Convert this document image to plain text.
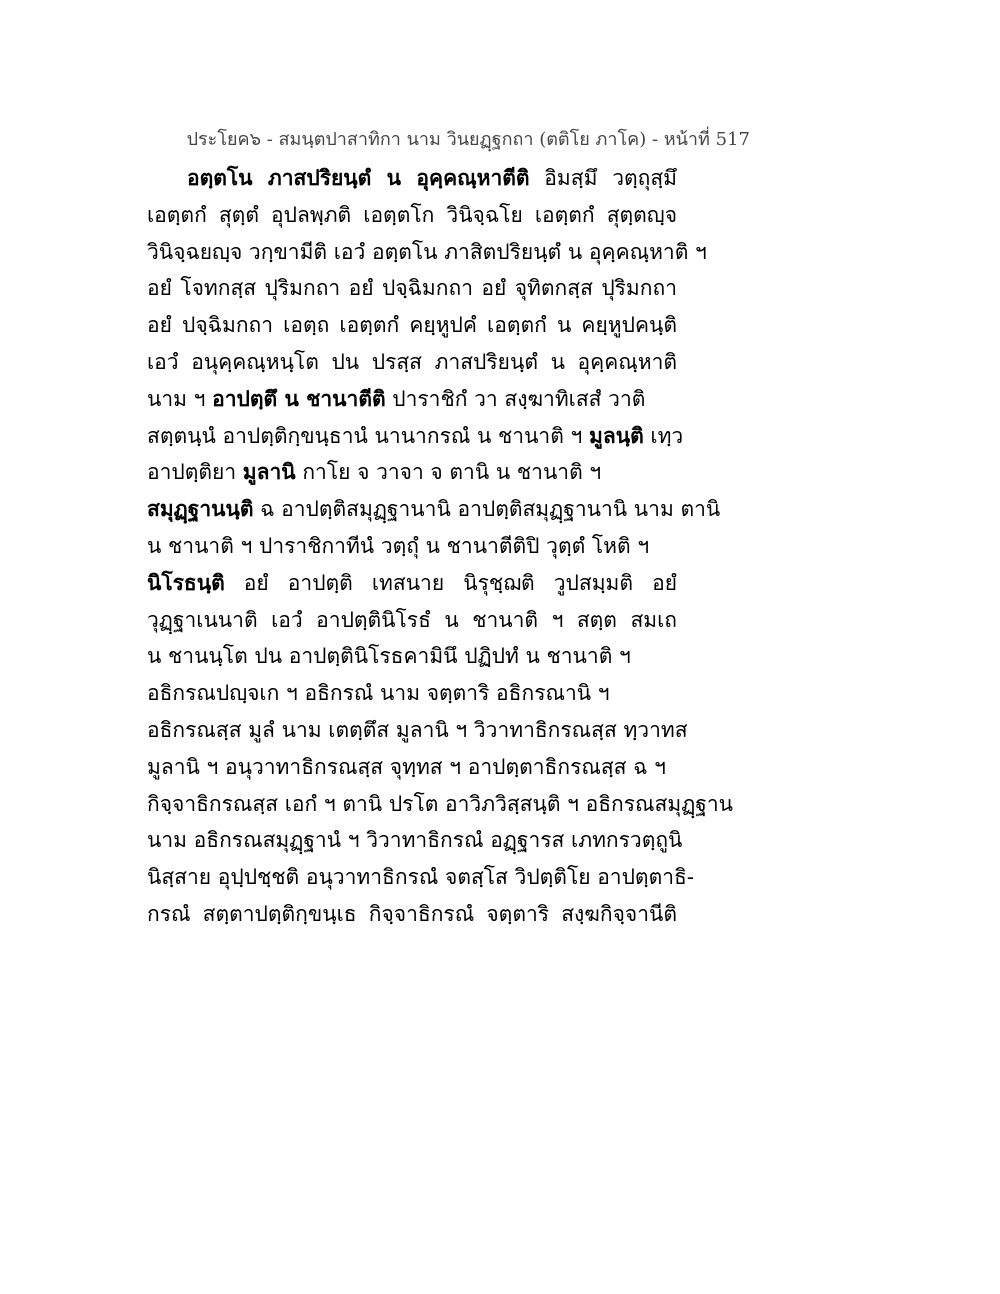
ประโยค๖ - สมนฺตปาสาทิกา นาม วินยฏฺฐกถา (ตติโย ภาโค) - หน้าที่ 517
อตฺตโน ภาสปริยนฺตํ น อุคฺคณฺหาตีติ อิมสฺมึ วตฺถุสฺมึ
เอตฺตกํ สุตฺตํ อุปลพฺภติ เอตฺตโก วินิจฺฉโย เอตฺตกํ สุตฺตญฺจ
วินิจฺฉยญฺจ วกฺขามีติ เอวํ อตฺตโน ภาสิตปริยนฺตํ น อุคฺคณฺหาติ ฯ
อยํ โจทกสฺส ปุริมกถา อยํ ปจฺฉิมกถา อยํ จุทิตกสฺส ปุริมกถา
อยํ ปจฺฉิมกถา เอตฺถ เอตฺตกํ คยฺหูปคํ เอตฺตกํ น คยฺหูปคนฺติ
เอวํ อนุคฺคณฺหนฺโต ปน ปรสฺส ภาสปริยนฺตํ น อุคฺคณฺหาติ
นาม ฯ อาปตฺตึ น ชานาตีติ ปาราชิกํ วา สงฺฆาทิเสสํ วาติ
สตฺตนฺนํ อาปตฺติกฺขนฺธานํ นานากรณํ น ชานาติ ฯ มูลนฺติ เทฺว
อาปตฺติยา มูลานิ กาโย จ วาจา จ ตานิ น ชานาติ ฯ
สมุฏฺฐานนฺติ ฉ อาปตฺติสมุฏฺฐานานิ อาปตฺติสมุฏฺฐานานิ นาม ตานิ
น ชานาติ ฯ ปาราชิกาทีนํ วตฺถุํ น ชานาตีติปิ วุตฺตํ โหติ ฯ
นิโรธนฺติ อยํ อาปตฺติ เทสนาย นิรุชฺฌติ วูปสมฺมติ อยํ
วุฏฺฐาเนนาติ เอวํ อาปตฺตินิโรธํ น ชานาติ ฯ สตฺต สมเถ
น ชานนฺโต ปน อาปตฺตินิโรธคามินึ ปฏิปทํ น ชานาติ ฯ
อธิกรณปญฺจเก ฯ อธิกรณํ นาม จตฺตาริ อธิกรณานิ ฯ
อธิกรณสฺส มูลํ นาม เตตฺตึส มูลานิ ฯ วิวาทาธิกรณสฺส ทฺวาทส
มูลานิ ฯ อนุวาทาธิกรณสฺส จุทฺทส ฯ อาปตฺตาธิกรณสฺส ฉ ฯ
กิจฺจาธิกรณสฺส เอกํ ฯ ตานิ ปรโต อาวิภวิสฺสนฺติ ฯ อธิกรณสมุฏฺฐาน
นาม อธิกรณสมุฏฺฐานํ ฯ วิวาทาธิกรณํ อฏฺฐารส เภทกรวตฺถูนิ
นิสฺสาย อุปฺปชฺชติ อนุวาทาธิกรณํ จตสฺโส วิปตฺติโย อาปตฺตาธิ-
กรณํ สตฺตาปตฺติกฺขนฺเธ กิจฺจาธิกรณํ จตฺตาริ สงฺฆกิจฺจานีติ
